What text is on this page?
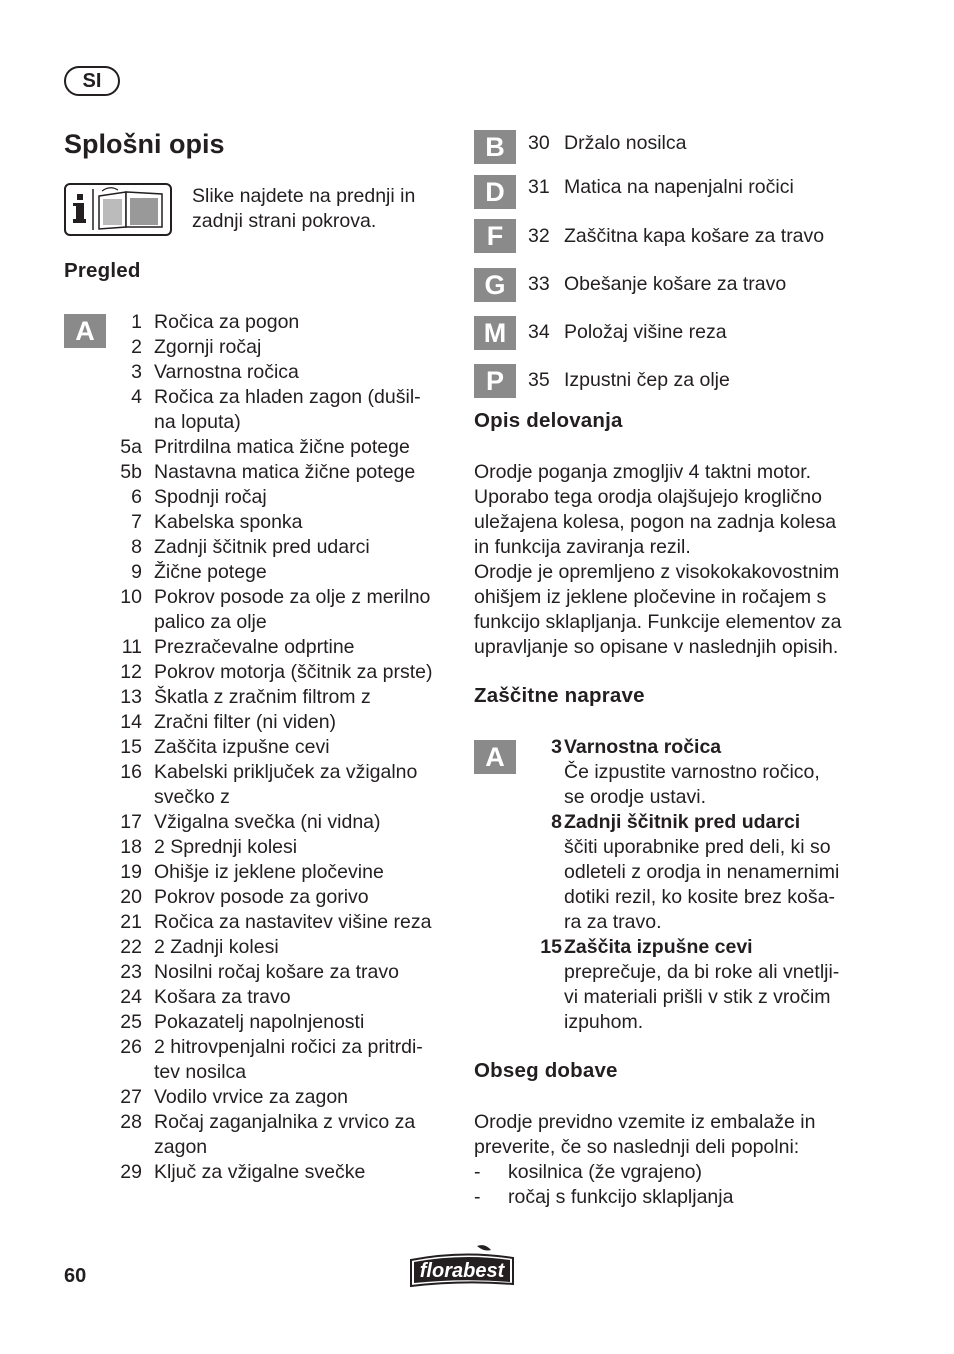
SI
Splošni opis
Slike najdete na prednji in
zadnji strani pokrova.
Pregled
A	1 Ročica za pogon
2 Zgornji ročaj
3 Varnostna ročica
4 Ročica za hladen zagon (dušil-
na loputa)
5a Pritrdilna matica žične potege
5b Nastavna matica žične potege
6 Spodnji ročaj
7 Kabelska sponka
8 Zadnji ščitnik pred udarci
9 Žične potege
10 Pokrov posode za olje z merilno
palico za olje
11 Prezračevalne odprtine
12 Pokrov motorja (ščitnik za prste)
13 Škatla z zračnim filtrom z
14 Zračni filter (ni viden)
15 Zaščita izpušne cevi
16 Kabelski priključek za vžigalno
svečko z
17 Vžigalna svečka (ni vidna)
18 2 Sprednji kolesi
19 Ohišje iz jeklene pločevine
20 Pokrov posode za gorivo
21 Ročica za nastavitev višine reza
22 2 Zadnji kolesi
23 Nosilni ročaj košare za travo
24 Košara za travo
25 Pokazatelj napolnjenosti
26 2 hitrovpenjalni ročici za pritrdi-
tev nosilca
27 Vodilo vrvice za zagon
28 Ročaj zaganjalnika z vrvico za
zagon
29 Ključ za vžigalne svečke
B	30 Držalo nosilca
D	31 Matica na napenjalni ročici
F	32 Zaščitna kapa košare za travo
G	33 Obešanje košare za travo
M	34 Položaj višine reza
P	35 Izpustni čep za olje
Opis delovanja
Orodje poganja zmogljiv 4 taktni motor.
Uporabo tega orodja olajšujejo kroglično
uležajena kolesa, pogon na zadnja kolesa
in funkcija zaviranja rezil.
Orodje je opremljeno z visokokakovostnim
ohišjem iz jeklene pločevine in ročajem s
funkcijo sklapljanja. Funkcije elementov za
upravljanje so opisane v naslednjih opisih.
Zaščitne naprave
A	3 Varnostna ročica
Če izpustite varnostno ročico,
se orodje ustavi.
8 Zadnji ščitnik pred udarci
ščiti uporabnike pred deli, ki so
odleteli z orodja in nenamernimi
dotiki rezil, ko kosite brez koša-
ra za travo.
15 Zaščita izpušne cevi
preprečuje, da bi roke ali vnetlji-
vi materiali prišli v stik z vročim
izpuhom.
Obseg dobave
Orodje previdno vzemite iz embalaže in
preverite, če so naslednji deli popolni:
-	kosilnica (že vgrajeno)
-	ročaj s funkcijo sklapljanja
60	florabest
